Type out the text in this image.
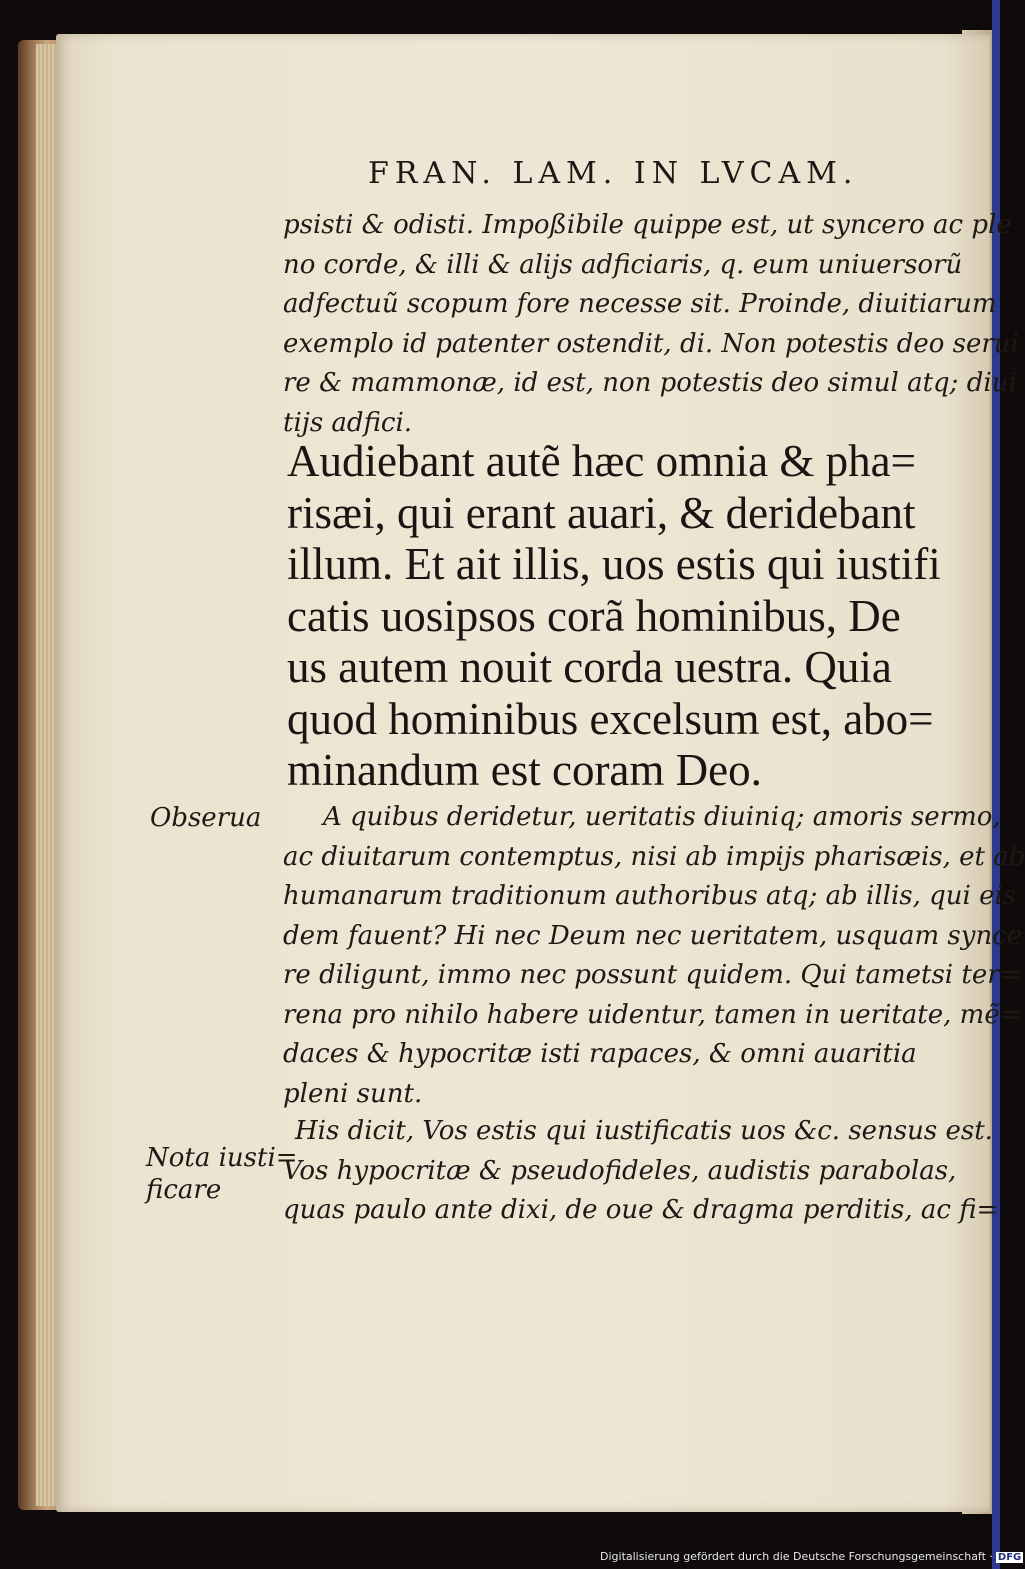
FRAN. LAM. IN LVCAM.
psisti & odisti. Impoßibile quippe est, ut syncero ac ple
no corde, & illi & alijs adficiaris, q. eum uniuersorũ
adfectuũ scopum fore necesse sit. Proinde, diuitiarum
exemplo id patenter ostendit, di. Non potestis deo serui
re & mammonæ, id est, non potestis deo simul atq; diui
tijs adfici.
Audiebant autẽ hæc omnia & pha=
risæi, qui erant auari, & deridebant
illum. Et ait illis, uos estis qui iustifi
catis uosipsos corã hominibus, De
us autem nouit corda uestra. Quia
quod hominibus excelsum est, abo=
minandum est coram Deo.
Obserua	A quibus deridetur, ueritatis diuiniq; amoris sermo,
ac diuitarum contemptus, nisi ab impijs pharisæis, et ab
humanarum traditionum authoribus atq; ab illis, qui eis
dem fauent? Hi nec Deum nec ueritatem, usquam synce
re diligunt, immo nec possunt quidem. Qui tametsi ter=
rena pro nihilo habere uidentur, tamen in ueritate, mẽ=
daces & hypocritæ isti rapaces, & omni auaritia
pleni sunt.
Nota iusti=
ficare
His dicit, Vos estis qui iustificatis uos &c. sensus est.
Vos hypocritæ & pseudofideles, audistis parabolas,
quas paulo ante dixi, de oue & dragma perditis, ac fi=
Digitalisierung gefördert durch die Deutsche Forschungsgemeinschaft · DFG
